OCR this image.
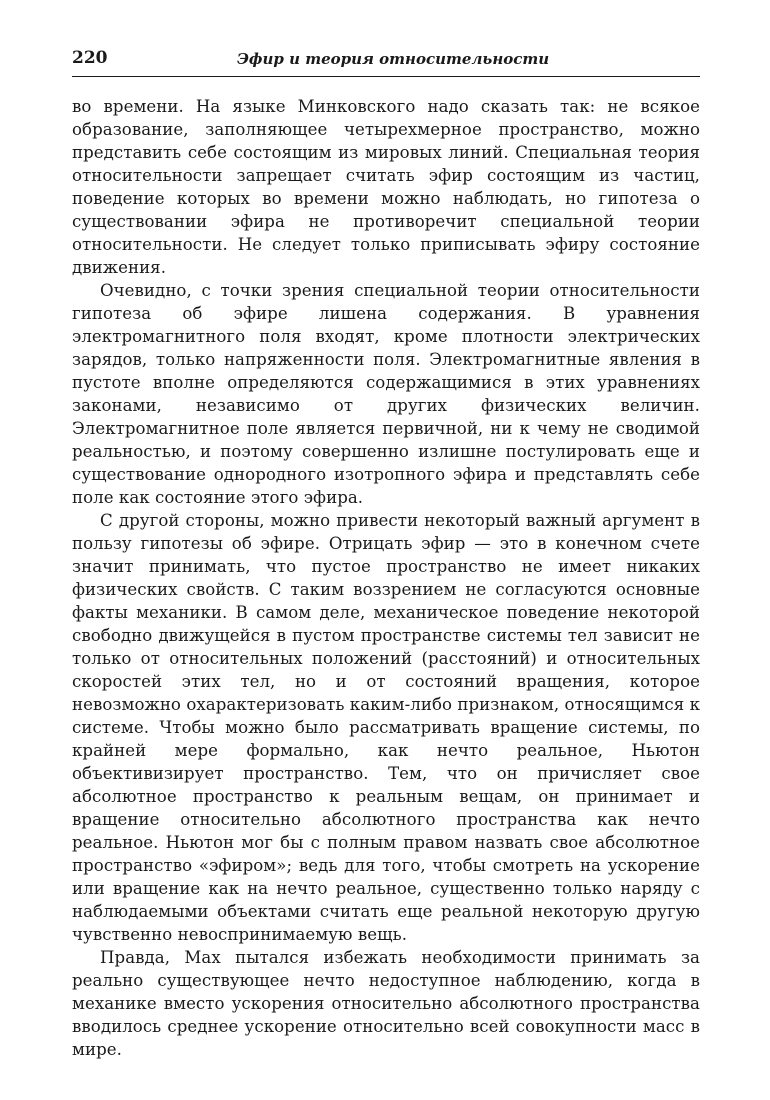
220	Эфир и теория относительности

во времени. На языке Минковского надо сказать так: не всякое образование, заполняющее четырехмерное пространство, можно представить себе состоящим из мировых линий. Специальная теория относительности запрещает считать эфир состоящим из частиц, поведение которых во времени можно наблюдать, но гипотеза о существовании эфира не противоречит специальной теории относительности. Не следует только приписывать эфиру состояние движения.

Очевидно, с точки зрения специальной теории относительности гипотеза об эфире лишена содержания. В уравнения электромагнитного поля входят, кроме плотности электрических зарядов, только напряженности поля. Электромагнитные явления в пустоте вполне определяются содержащимися в этих уравнениях законами, независимо от других физических величин. Электромагнитное поле является первичной, ни к чему не сводимой реальностью, и поэтому совершенно излишне постулировать еще и существование однородного изотропного эфира и представлять себе поле как состояние этого эфира.

С другой стороны, можно привести некоторый важный аргумент в пользу гипотезы об эфире. Отрицать эфир — это в конечном счете значит принимать, что пустое пространство не имеет никаких физических свойств. С таким воззрением не согласуются основные факты механики. В самом деле, механическое поведение некоторой свободно движущейся в пустом пространстве системы тел зависит не только от относительных положений (расстояний) и относительных скоростей этих тел, но и от состояний вращения, которое невозможно охарактеризовать каким-либо признаком, относящимся к системе. Чтобы можно было рассматривать вращение системы, по крайней мере формально, как нечто реальное, Ньютон объективизирует пространство. Тем, что он причисляет свое абсолютное пространство к реальным вещам, он принимает и вращение относительно абсолютного пространства как нечто реальное. Ньютон мог бы с полным правом назвать свое абсолютное пространство «эфиром»; ведь для того, чтобы смотреть на ускорение или вращение как на нечто реальное, существенно только наряду с наблюдаемыми объектами считать еще реальной некоторую другую чувственно невоспринимаемую вещь.

Правда, Мах пытался избежать необходимости принимать за реально существующее нечто недоступное наблюдению, когда в механике вместо ускорения относительно абсолютного пространства вводилось среднее ускорение относительно всей совокупности масс в мире.
